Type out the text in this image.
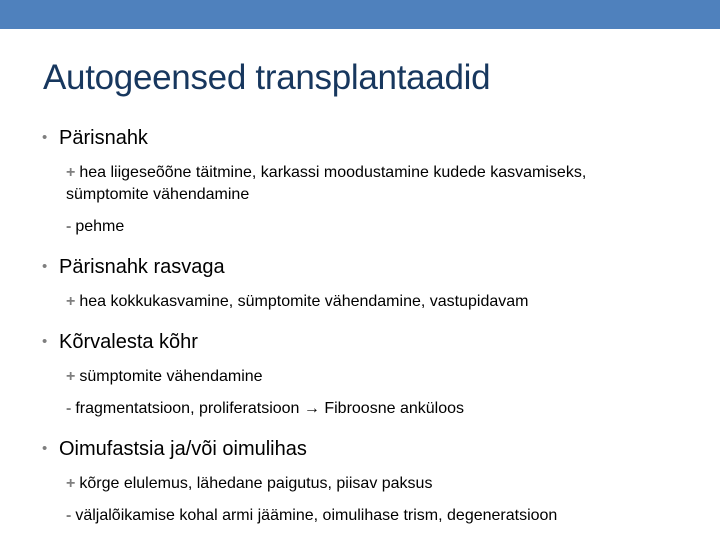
Autogeensed transplantaadid
• Pärisnahk
+ hea liigeseõõne täitmine, karkassi moodustamine kudede kasvamiseks, sümptomite vähendamine
- pehme
• Pärisnahk rasvaga
+ hea kokkukasvamine, sümptomite vähendamine, vastupidavam
• Kõrvalesta kõhr
+ sümptomite vähendamine
- fragmentatsioon, proliferatsioon → Fibroosne anküloos
• Oimufastsia ja/või oimulihas
+ kõrge elulemus, lähedane paigutus, piisav paksus
- väljalõikamise kohal armi jäämine, oimulihase trism, degeneratsioon
